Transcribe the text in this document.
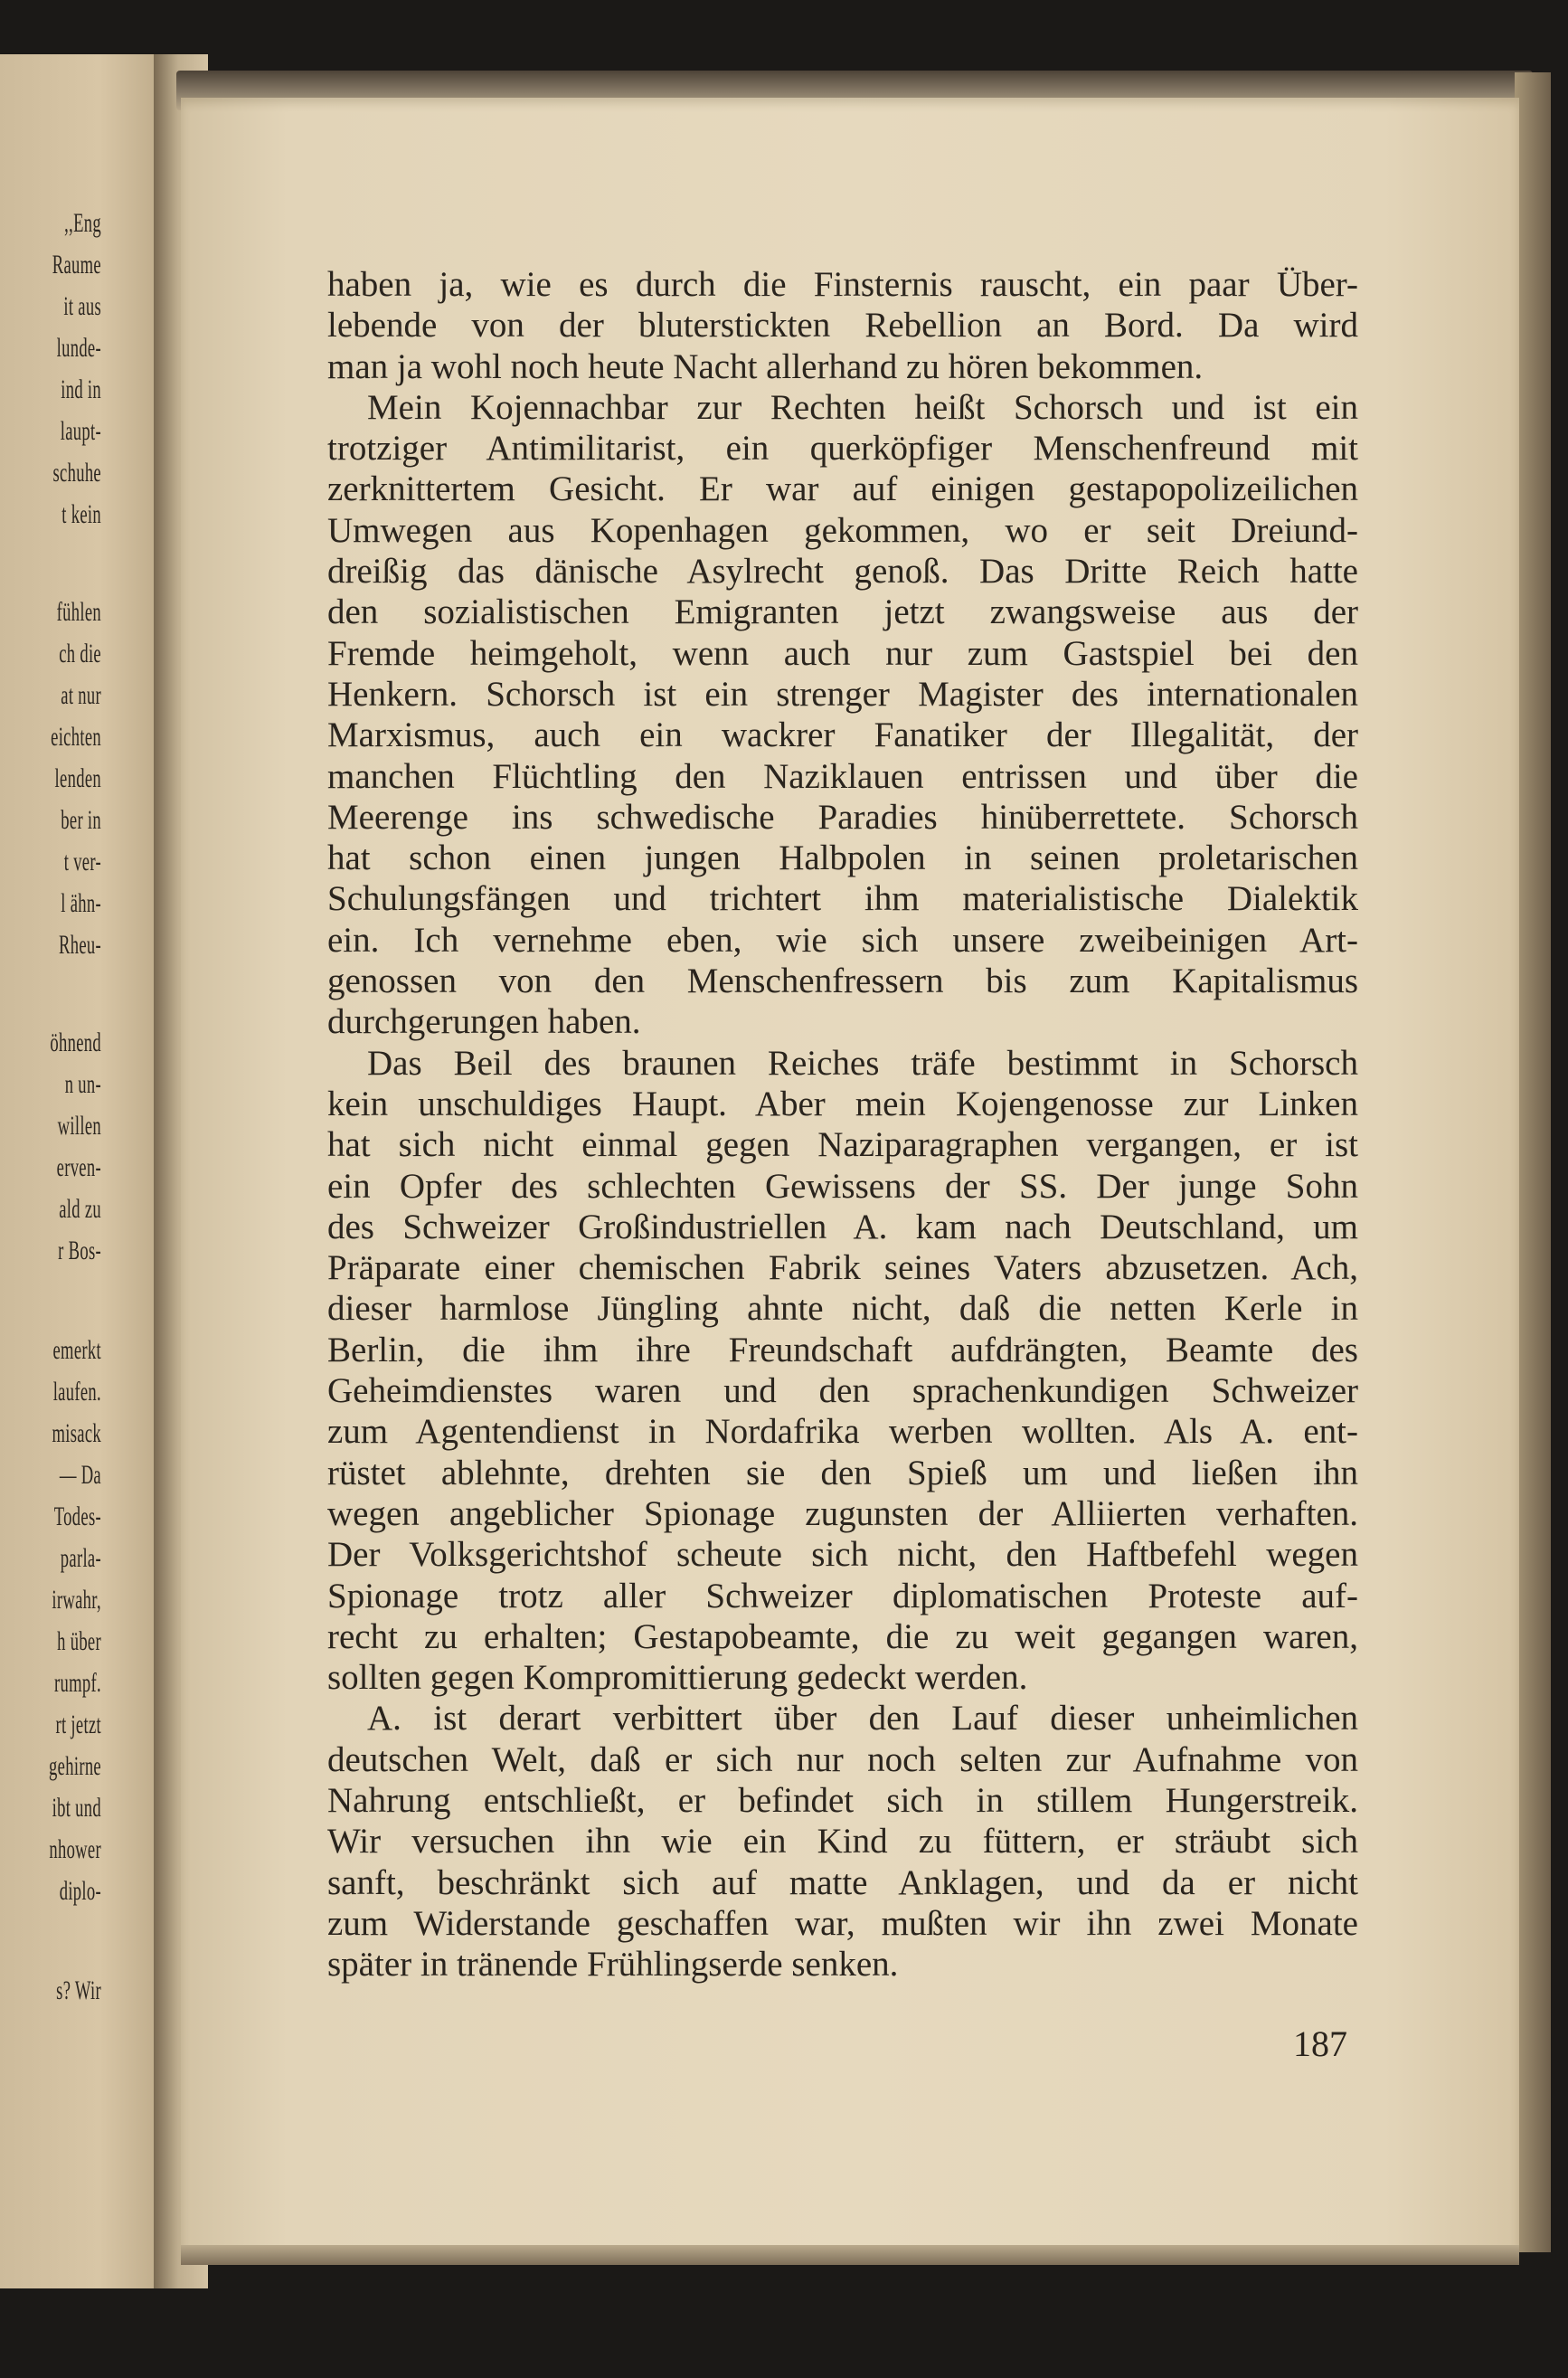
,,Eng
Raume
it aus
lunde-
ind in
laupt-
schuhe
t kein
fühlen
ch die
at nur
eichten
lenden
ber in
t ver-
l ähn-
Rheu-
öhnend
n un-
willen
erven-
ald zu
r Bos-
emerkt
laufen.
misack
— Da
Todes-
parla-
irwahr,
h über
rumpf.
rt jetzt
gehirne
ibt und
nhower
diplo-
s? Wir
haben ja, wie es durch die Finsternis rauscht, ein paar Über-
lebende von der bluterstickten Rebellion an Bord. Da wird
man ja wohl noch heute Nacht allerhand zu hören bekommen.
Mein Kojennachbar zur Rechten heißt Schorsch und ist ein
trotziger Antimilitarist, ein querköpfiger Menschenfreund mit
zerknittertem Gesicht. Er war auf einigen gestapopolizeilichen
Umwegen aus Kopenhagen gekommen, wo er seit Dreiund-
dreißig das dänische Asylrecht genoß. Das Dritte Reich hatte
den sozialistischen Emigranten jetzt zwangsweise aus der
Fremde heimgeholt, wenn auch nur zum Gastspiel bei den
Henkern. Schorsch ist ein strenger Magister des internationalen
Marxismus, auch ein wackrer Fanatiker der Illegalität, der
manchen Flüchtling den Naziklauen entrissen und über die
Meerenge ins schwedische Paradies hinüberrettete. Schorsch
hat schon einen jungen Halbpolen in seinen proletarischen
Schulungsfängen und trichtert ihm materialistische Dialektik
ein. Ich vernehme eben, wie sich unsere zweibeinigen Art-
genossen von den Menschenfressern bis zum Kapitalismus
durchgerungen haben.
Das Beil des braunen Reiches träfe bestimmt in Schorsch
kein unschuldiges Haupt. Aber mein Kojengenosse zur Linken
hat sich nicht einmal gegen Naziparagraphen vergangen, er ist
ein Opfer des schlechten Gewissens der SS. Der junge Sohn
des Schweizer Großindustriellen A. kam nach Deutschland, um
Präparate einer chemischen Fabrik seines Vaters abzusetzen. Ach,
dieser harmlose Jüngling ahnte nicht, daß die netten Kerle in
Berlin, die ihm ihre Freundschaft aufdrängten, Beamte des
Geheimdienstes waren und den sprachenkundigen Schweizer
zum Agentendienst in Nordafrika werben wollten. Als A. ent-
rüstet ablehnte, drehten sie den Spieß um und ließen ihn
wegen angeblicher Spionage zugunsten der Alliierten verhaften.
Der Volksgerichtshof scheute sich nicht, den Haftbefehl wegen
Spionage trotz aller Schweizer diplomatischen Proteste auf-
recht zu erhalten; Gestapobeamte, die zu weit gegangen waren,
sollten gegen Kompromittierung gedeckt werden.
A. ist derart verbittert über den Lauf dieser unheimlichen
deutschen Welt, daß er sich nur noch selten zur Aufnahme von
Nahrung entschließt, er befindet sich in stillem Hungerstreik.
Wir versuchen ihn wie ein Kind zu füttern, er sträubt sich
sanft, beschränkt sich auf matte Anklagen, und da er nicht
zum Widerstande geschaffen war, mußten wir ihn zwei Monate
später in tränende Frühlingserde senken.
187
